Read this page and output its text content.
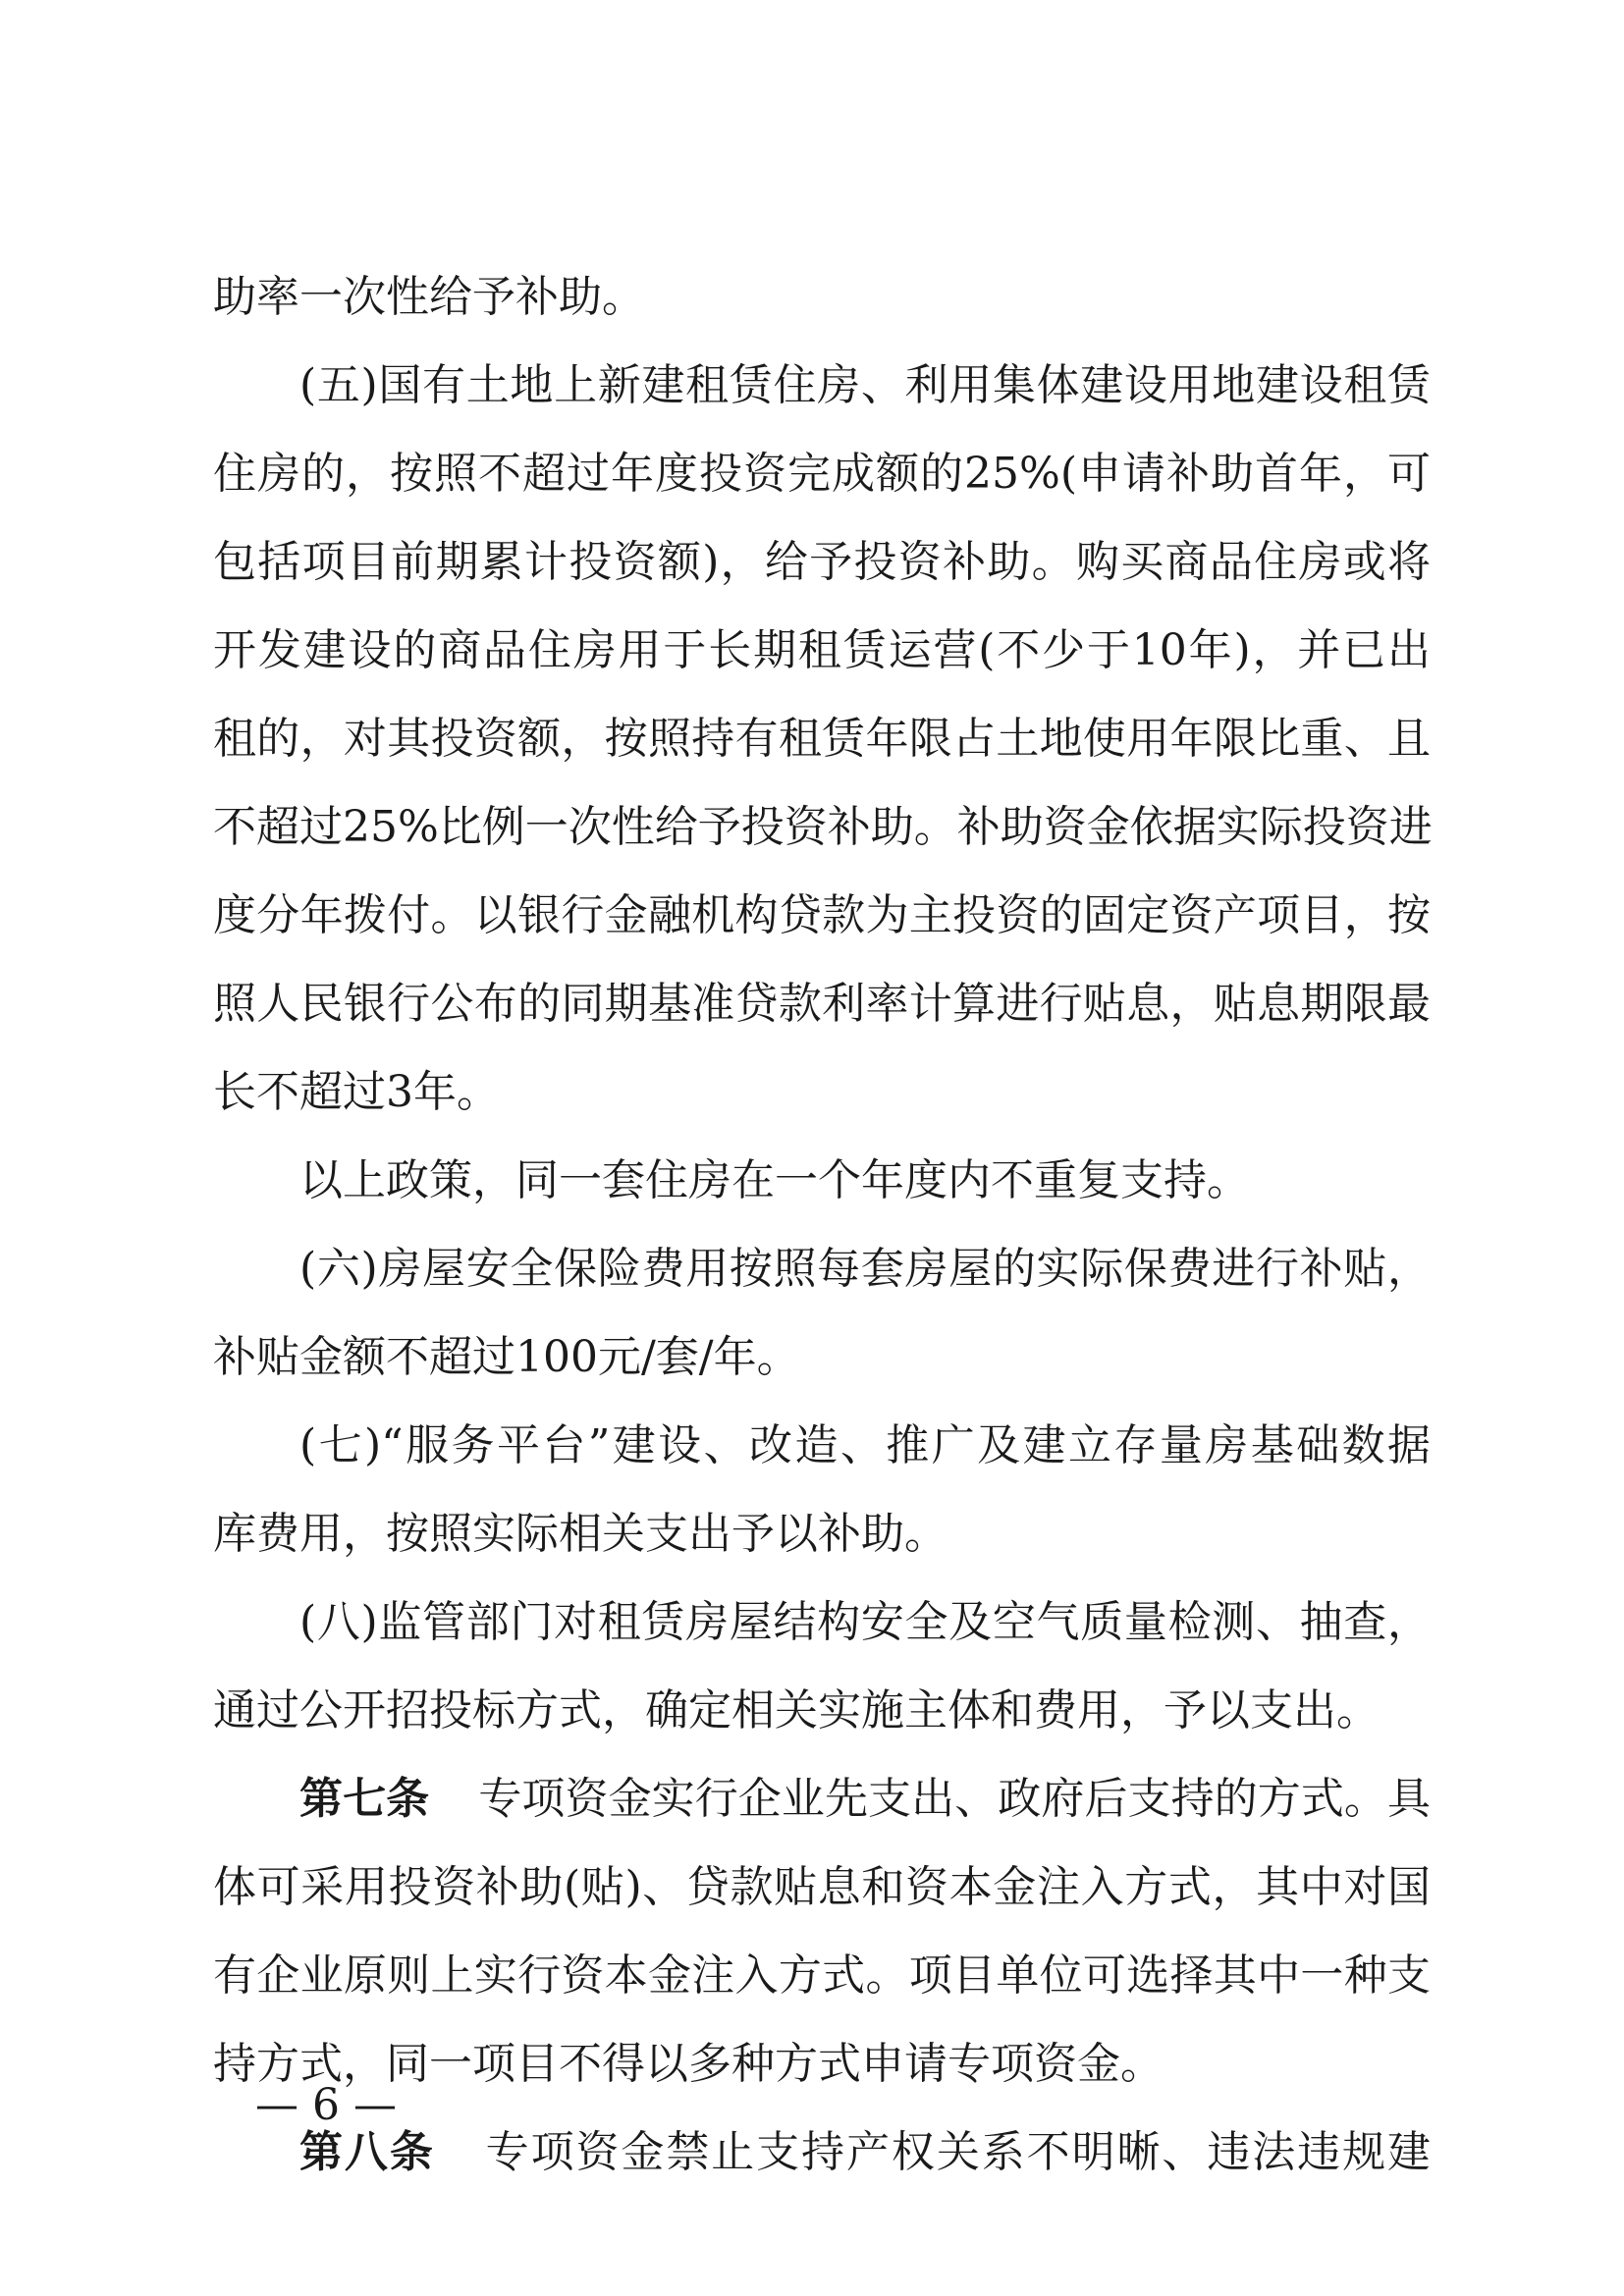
助率一次性给予补助。
(五)国有土地上新建租赁住房、利用集体建设用地建设租赁
住房的，按照不超过年度投资完成额的25%(申请补助首年，可
包括项目前期累计投资额)，给予投资补助。购买商品住房或将
开发建设的商品住房用于长期租赁运营(不少于10年)，并已出
租的，对其投资额，按照持有租赁年限占土地使用年限比重、且
不超过25%比例一次性给予投资补助。补助资金依据实际投资进
度分年拨付。以银行金融机构贷款为主投资的固定资产项目，按
照人民银行公布的同期基准贷款利率计算进行贴息，贴息期限最
长不超过3年。
以上政策，同一套住房在一个年度内不重复支持。
(六)房屋安全保险费用按照每套房屋的实际保费进行补贴，
补贴金额不超过100元/套/年。
(七)“服务平台”建设、改造、推广及建立存量房基础数据
库费用，按照实际相关支出予以补助。
(八)监管部门对租赁房屋结构安全及空气质量检测、抽查，
通过公开招投标方式，确定相关实施主体和费用，予以支出。
第七条 专项资金实行企业先支出、政府后支持的方式。具
体可采用投资补助(贴)、贷款贴息和资本金注入方式，其中对国
有企业原则上实行资本金注入方式。项目单位可选择其中一种支
持方式，同一项目不得以多种方式申请专项资金。
第八条 专项资金禁止支持产权关系不明晰、违法违规建
— 6 —
